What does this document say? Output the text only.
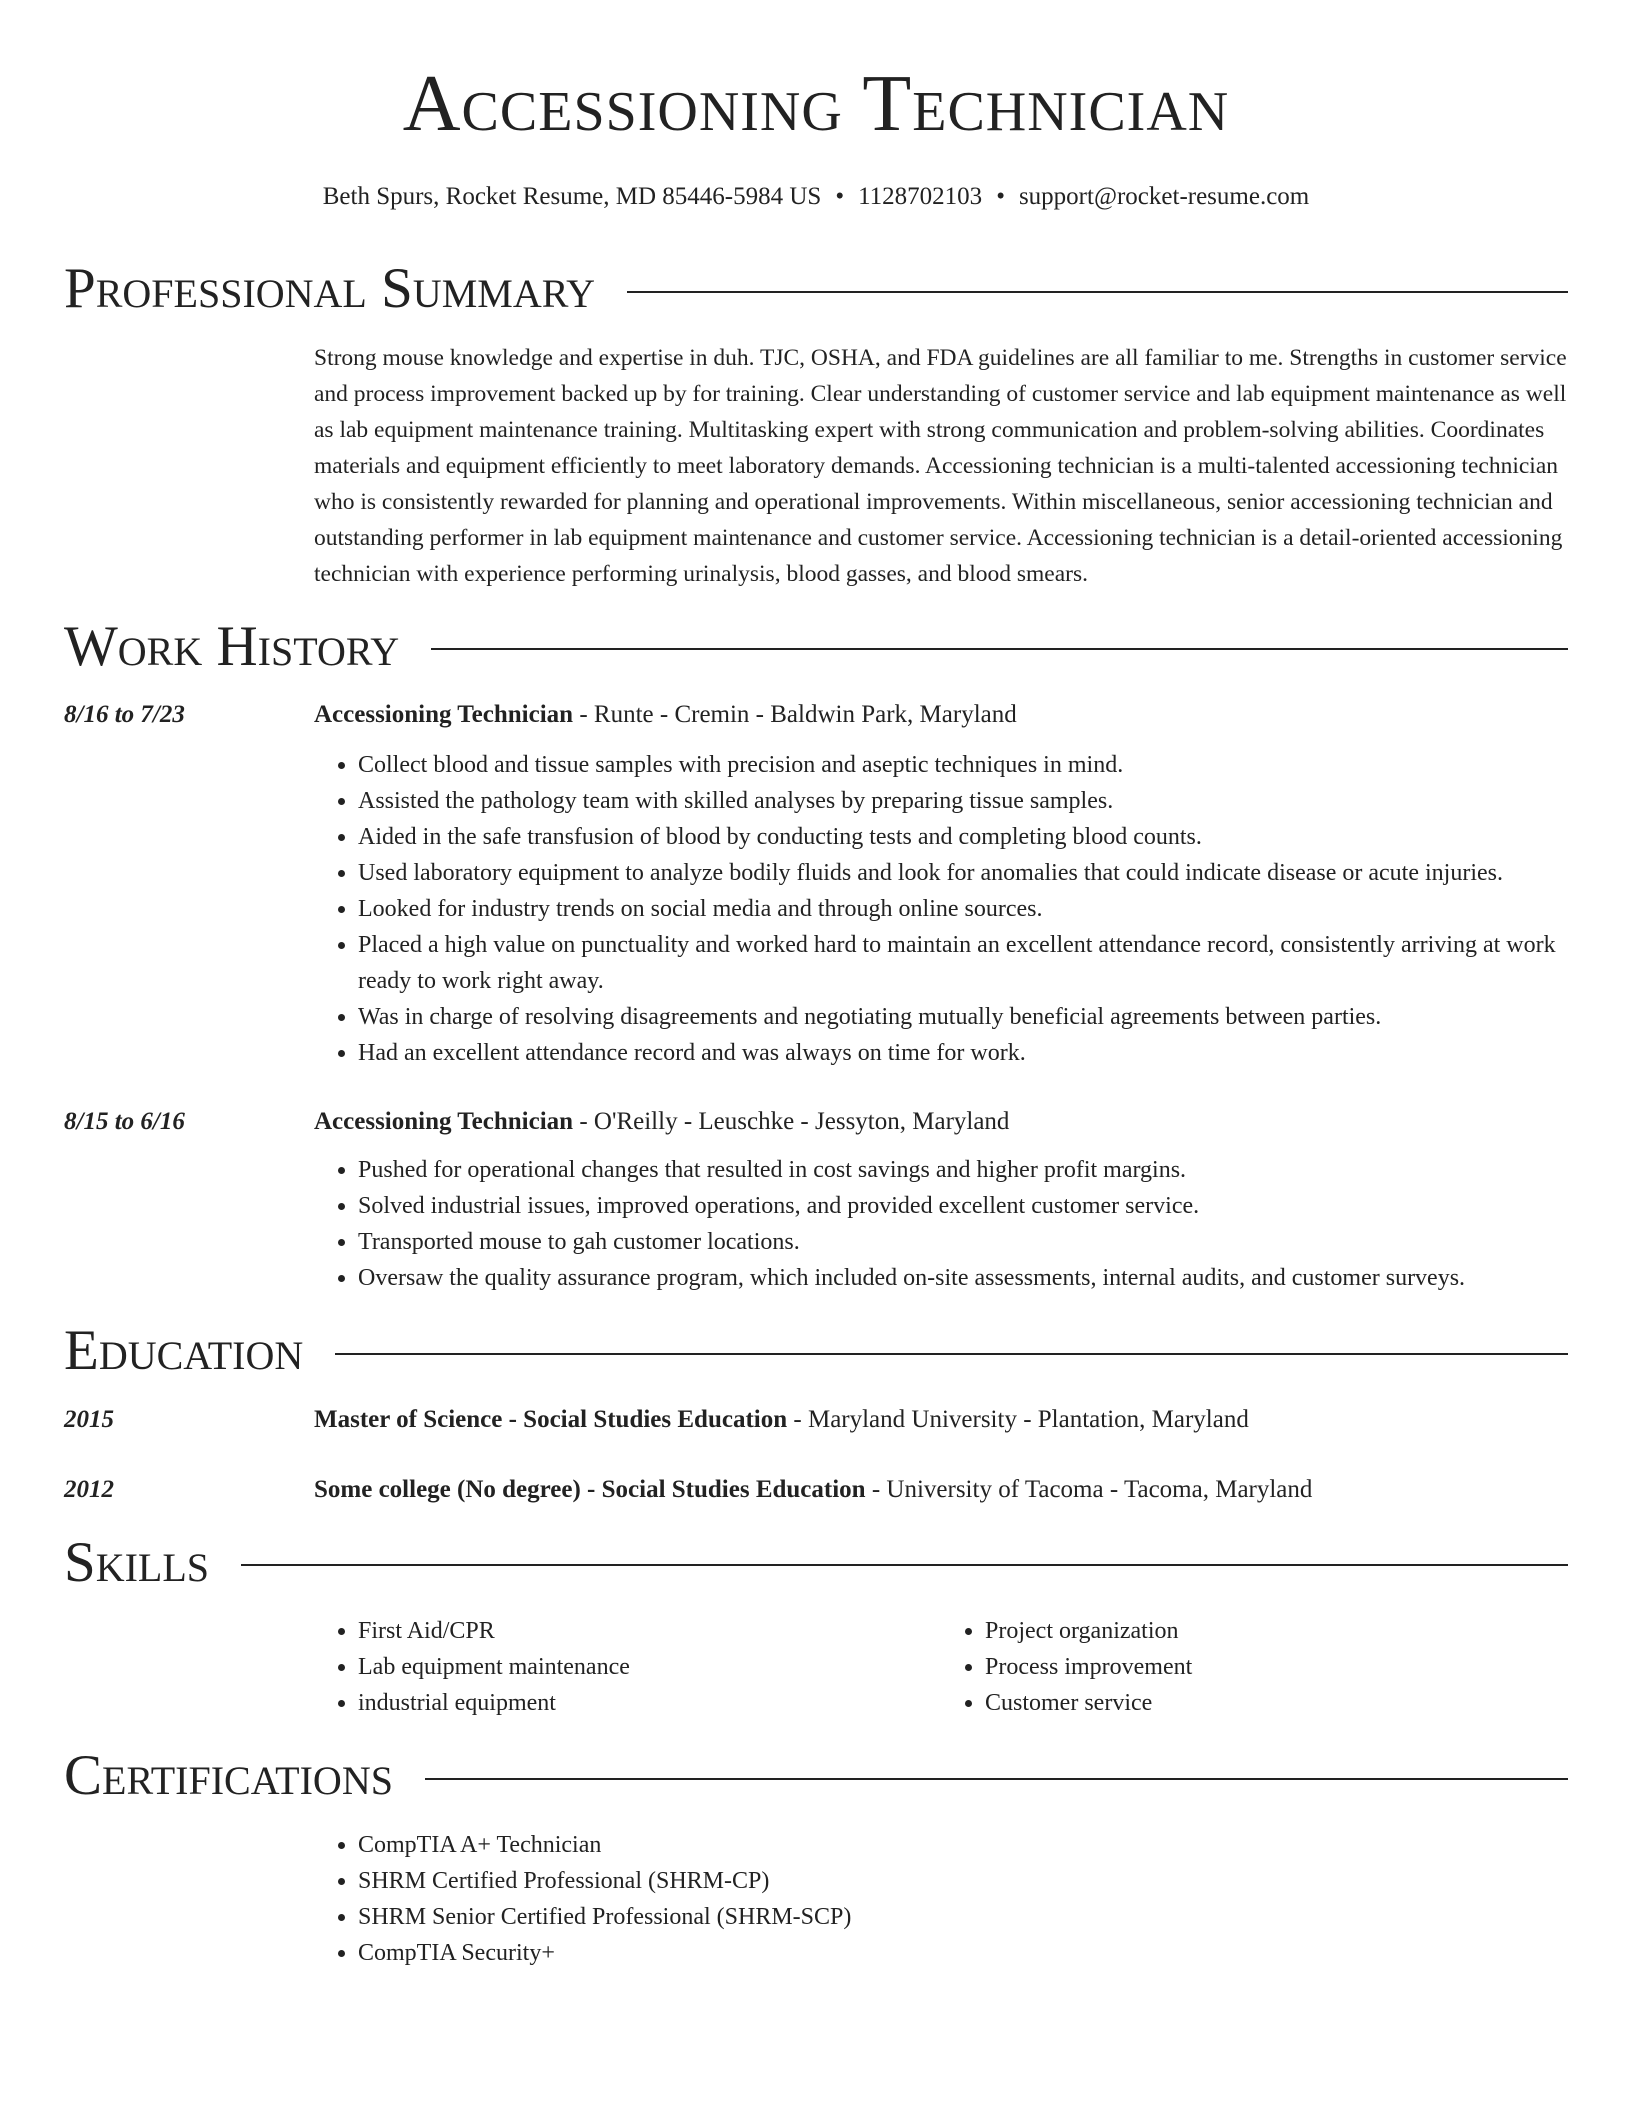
Accessioning Technician
Beth Spurs, Rocket Resume, MD 85446-5984 US • 1128702103 • support@rocket-resume.com
Professional Summary

Strong mouse knowledge and expertise in duh. TJC, OSHA, and FDA guidelines are all familiar to me. Strengths in customer service and process improvement backed up by for training. Clear understanding of customer service and lab equipment maintenance as well as lab equipment maintenance training. Multitasking expert with strong communication and problem-solving abilities. Coordinates materials and equipment efficiently to meet laboratory demands. Accessioning technician is a multi-talented accessioning technician who is consistently rewarded for planning and operational improvements. Within miscellaneous, senior accessioning technician and outstanding performer in lab equipment maintenance and customer service. Accessioning technician is a detail-oriented accessioning technician with experience performing urinalysis, blood gasses, and blood smears.

Work History
8/16 to 7/23	Accessioning Technician - Runte - Cremin - Baldwin Park, Maryland
• Collect blood and tissue samples with precision and aseptic techniques in mind.
• Assisted the pathology team with skilled analyses by preparing tissue samples.
• Aided in the safe transfusion of blood by conducting tests and completing blood counts.
• Used laboratory equipment to analyze bodily fluids and look for anomalies that could indicate disease or acute injuries.
• Looked for industry trends on social media and through online sources.
• Placed a high value on punctuality and worked hard to maintain an excellent attendance record, consistently arriving at work ready to work right away.
• Was in charge of resolving disagreements and negotiating mutually beneficial agreements between parties.
• Had an excellent attendance record and was always on time for work.
8/15 to 6/16	Accessioning Technician - O'Reilly - Leuschke - Jessyton, Maryland
• Pushed for operational changes that resulted in cost savings and higher profit margins.
• Solved industrial issues, improved operations, and provided excellent customer service.
• Transported mouse to gah customer locations.
• Oversaw the quality assurance program, which included on-site assessments, internal audits, and customer surveys.
Education
2015	Master of Science - Social Studies Education - Maryland University - Plantation, Maryland
2012	Some college (No degree) - Social Studies Education - University of Tacoma - Tacoma, Maryland
Skills
• First Aid/CPR
• Lab equipment maintenance
• industrial equipment
• Project organization
• Process improvement
• Customer service
Certifications
• CompTIA A+ Technician
• SHRM Certified Professional (SHRM-CP)
• SHRM Senior Certified Professional (SHRM-SCP)
• CompTIA Security+
